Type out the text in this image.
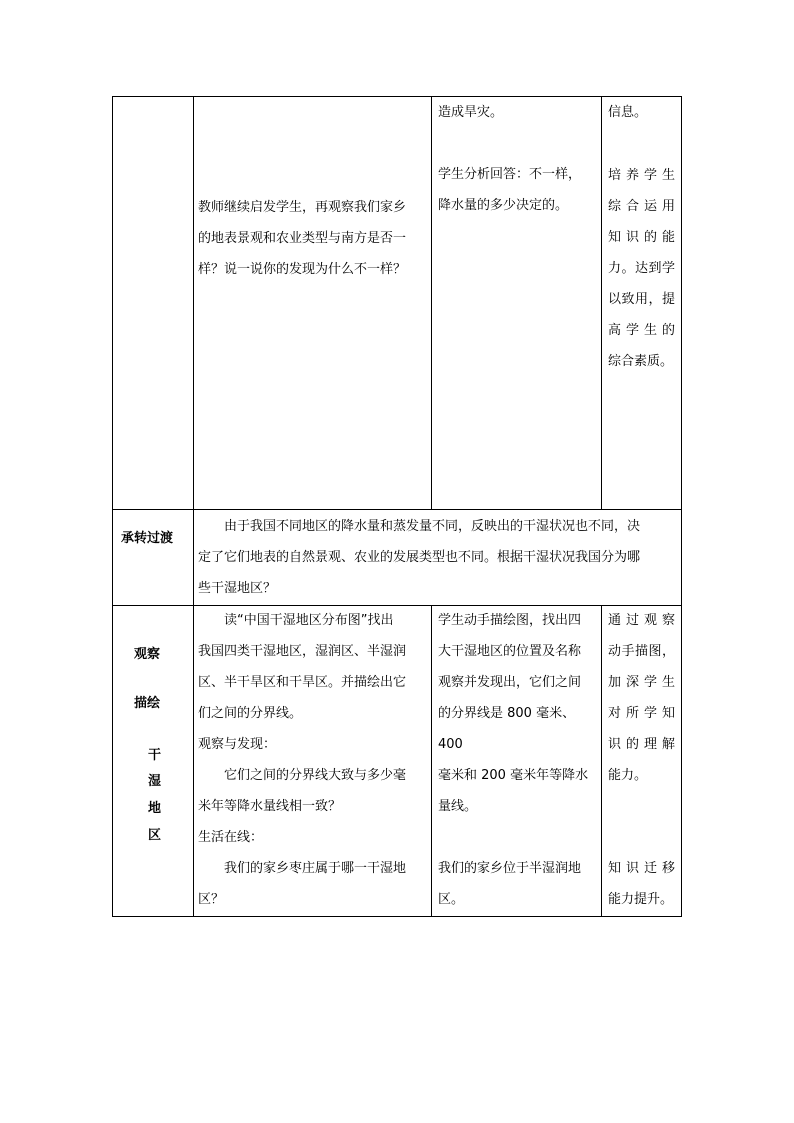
教师继续启发学生，再观察我们家乡

的地表景观和农业类型与南方是否一

样？说一说你的发现为什么不一样？

造成旱灾。

学生分析回答：不一样，

降水量的多少决定的。

信息。

培养学生

综合运用

知识的能

力。达到学

以致用，提

高学生的

综合素质。

承转过渡

由于我国不同地区的降水量和蒸发量不同，反映出的干湿状况也不同，决

定了它们地表的自然景观、农业的发展类型也不同。根据干湿状况我国分为哪

些干湿地区？

观察
描绘
干
湿
地
区

读“中国干湿地区分布图”找出

我国四类干湿地区，湿润区、半湿润

区、半干旱区和干旱区。并描绘出它

们之间的分界线。

观察与发现：

它们之间的分界线大致与多少毫

米年等降水量线相一致？

生活在线：

我们的家乡枣庄属于哪一干湿地

区？

学生动手描绘图，找出四

大干湿地区的位置及名称

观察并发现出，它们之间

的分界线是 800 毫米、400

毫米和 200 毫米年等降水

量线。

我们的家乡位于半湿润地

区。

通过观察

动手描图，

加深学生

对所学知

识的理解

能力。

知识迁移

能力提升。
